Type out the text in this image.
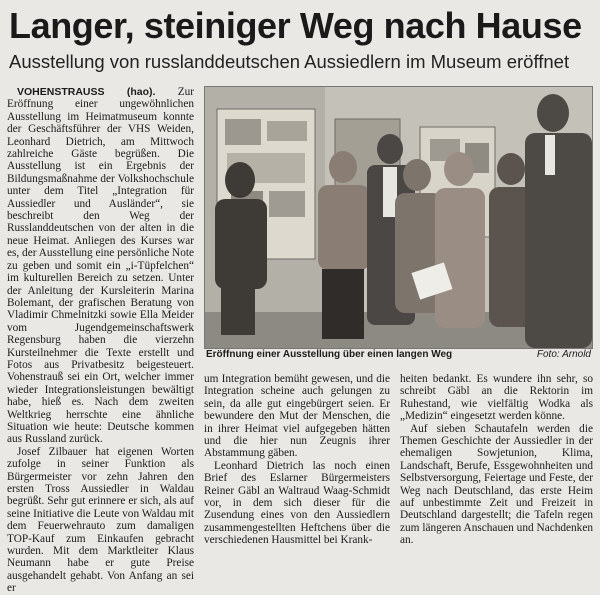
Langer, steiniger Weg nach Hause
Ausstellung von russlanddeutschen Aussiedlern im Museum eröffnet

VOHENSTRAUSS (hao). Zur Eröffnung einer ungewöhnlichen Ausstellung im Heimatmuseum konnte der Geschäftsführer der VHS Weiden, Leonhard Dietrich, am Mittwoch zahlreiche Gäste begrüßen. Die Ausstellung ist ein Ergebnis der Bildungsmaßnahme der Volkshochschule unter dem Titel „Integration für Aussiedler und Ausländer“, sie beschreibt den Weg der Russlanddeutschen von der alten in die neue Heimat. Anliegen des Kurses war es, der Ausstellung eine persönliche Note zu geben und somit ein „i-Tüpfelchen“ im kulturellen Bereich zu setzen. Unter der Anleitung der Kursleiterin Marina Bolemant, der grafischen Beratung von Vladimir Chmelnitzki sowie Ella Meider vom Jugendgemeinschaftswerk Regensburg haben die vierzehn Kursteilnehmer die Texte erstellt und Fotos aus Privatbesitz beigesteuert. Vohenstrauß sei ein Ort, welcher immer wieder Integrationsleistungen bewältigt habe, hieß es. Nach dem zweiten Weltkrieg herrschte eine ähnliche Situation wie heute: Deutsche kommen aus Russland zurück.

Josef Zilbauer hat eigenen Worten zufolge in seiner Funktion als Bürgermeister vor zehn Jahren den ersten Tross Aussiedler in Waldau begrüßt. Sehr gut erinnere er sich, als auf seine Initiative die Leute von Waldau mit dem Feuerwehrauto zum damaligen TOP-Kauf zum Einkaufen gebracht wurden. Mit dem Marktleiter Klaus Neumann habe er gute Preise ausgehandelt gehabt. Von Anfang an sei er

Eröffnung einer Ausstellung über einen langen Weg	Foto: Arnold

um Integration bemüht gewesen, und die Integration scheine auch gelungen zu sein, da alle gut eingebürgert seien. Er bewundere den Mut der Menschen, die in ihrer Heimat viel aufgegeben hätten und die hier nun Zeugnis ihrer Abstammung gäben.

Leonhard Dietrich las noch einen Brief des Eslarner Bürgermeisters Reiner Gäbl an Waltraud Waag-Schmidt vor, in dem sich dieser für die Zusendung eines von den Aussiedlern zusammengestellten Heftchens über die verschiedenen Hausmittel bei Krank-

heiten bedankt. Es wundere ihn sehr, so schreibt Gäbl an die Rektorin im Ruhestand, wie vielfältig Wodka als „Medizin“ eingesetzt werden könne.

Auf sieben Schautafeln werden die Themen Geschichte der Aussiedler in der ehemaligen Sowjetunion, Klima, Landschaft, Berufe, Essgewohnheiten und Selbstversorgung, Feiertage und Feste, der Weg nach Deutschland, das erste Heim auf unbestimmte Zeit und Freizeit in Deutschland dargestellt; die Tafeln regen zum längeren Anschauen und Nachdenken an.
